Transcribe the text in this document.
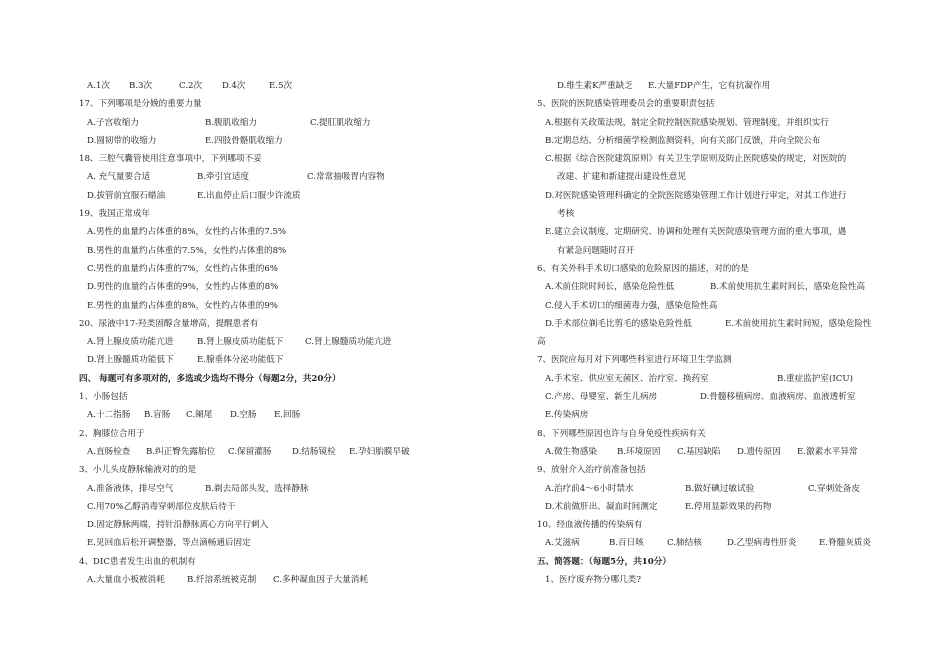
A.1次 B.3次	C.2次 D.4次	E.5次
17、下列哪项是分娩的重要力量
A.子宫收缩力	B.腹肌收缩力	C.提肛肌收缩力
D.圆韧带的收缩力	E.四肢骨骼肌收缩力
18、三腔气囊管使用注意事项中，下列哪项不妥
A. 充气量要合适	B.牵引宜适度	C.常常抽吸胃内容物
D.拔管前宜服石蜡油	E.出血停止后口服少许流质
19、我国正常成年
A.男性的血量约占体重的8%，女性约占体重的7.5%
B.男性的血量约占体重的7.5%，女性约占体重的8%
C.男性的血量约占体重的7%，女性约占体重的6%
D.男性的血量约占体重的9%，女性约占体重的8%
E.男性的血量约占体重的8%，女性约占体重的9%
20、尿液中17-羟类固醇含量增高，提醒患者有
A.肾上腺皮质功能亢进	B.肾上腺皮质功能低下	C.肾上腺髓质功能亢进
D.肾上腺髓质功能低下	E.腺垂体分泌功能低下
四、 每题可有多项对的，多选或少选均不得分（每题2分，共20分）
1、小肠包括
A.十二指肠 B.盲肠 C.阑尾 D.空肠 E.回肠
2、胸膝位合用于
A.直肠检查 B.纠正臀先露胎位 C.保留灌肠 D.结肠镜检 E.孕妇胎膜早破
3、小儿头皮静脉输液对的的是
A.准备液体，排尽空气	B.剃去局部头发，选择静脉
C.用70%乙醇消毒穿刺部位皮肤后待干
D.固定静脉两端，持针沿静脉离心方向平行刺入
E.见回血后松开调整器，等点滴畅通后固定
4、DIC患者发生出血的机制有
A.大量血小板被消耗	B.纤溶系统被克制 C.多种凝血因子大量消耗
D.维生素K严重缺乏 E.大量FDP产生，它有抗凝作用
5、医院的医院感染管理委员会的重要职责包括
A.根据有关政策法规，制定全院控制医院感染规划、管理制度，并组织实行
B.定期总结、分析细菌学检测监测资料，向有关部门反馈，并向全院公布
C.根据《综合医院建筑原则》有关卫生学原则及防止医院感染的规定，对医院的
改建、扩建和新建提出建设性意见
D.对医院感染管理科确定的全院医院感染管理工作计划进行审定，对其工作进行
考核
E.建立会议制度，定期研究、协调和处理有关医院感染管理方面的重大事项，遇
有紧急问题随时召开
6、有关外科手术切口感染的危险原因的描述，对的的是
A.术前住院时间长，感染危险性低	B.术前使用抗生素时间长，感染危险性高
C.侵入手术切口的细菌毒力强，感染危险性高
D.手术部位剃毛比剪毛的感染危险性低	E.术前使用抗生素时间短，感染危险性
高
7、医院应每月对下列哪些科室进行环境卫生学监测
A.手术室、供应室无菌区、治疗室、换药室	B.重症监护室(ICU)
C.产房、母婴室、新生儿病房	D.骨髓移植病房、血液病房、血液透析室
E.传染病房
8、下列哪些原因也许与自身免疫性疾病有关
A.微生物感染 B.环境原因 C.基因缺陷 D.遗传原因 E.激素水平异常
9、放射介入治疗前准备包括
A.治疗前4～6小时禁水	B.做好碘过敏试验	C.穿刺处备皮
D.术前做肝出、凝血时间测定	E.停用显影效果的药物
10、经血液传播的传染病有
A.艾滋病	B.百日咳	C.肺结核	D.乙型病毒性肝炎	E.脊髓灰质炎
五、简答题：（每题5分，共10分）
1、医疗废弃物分哪几类?
